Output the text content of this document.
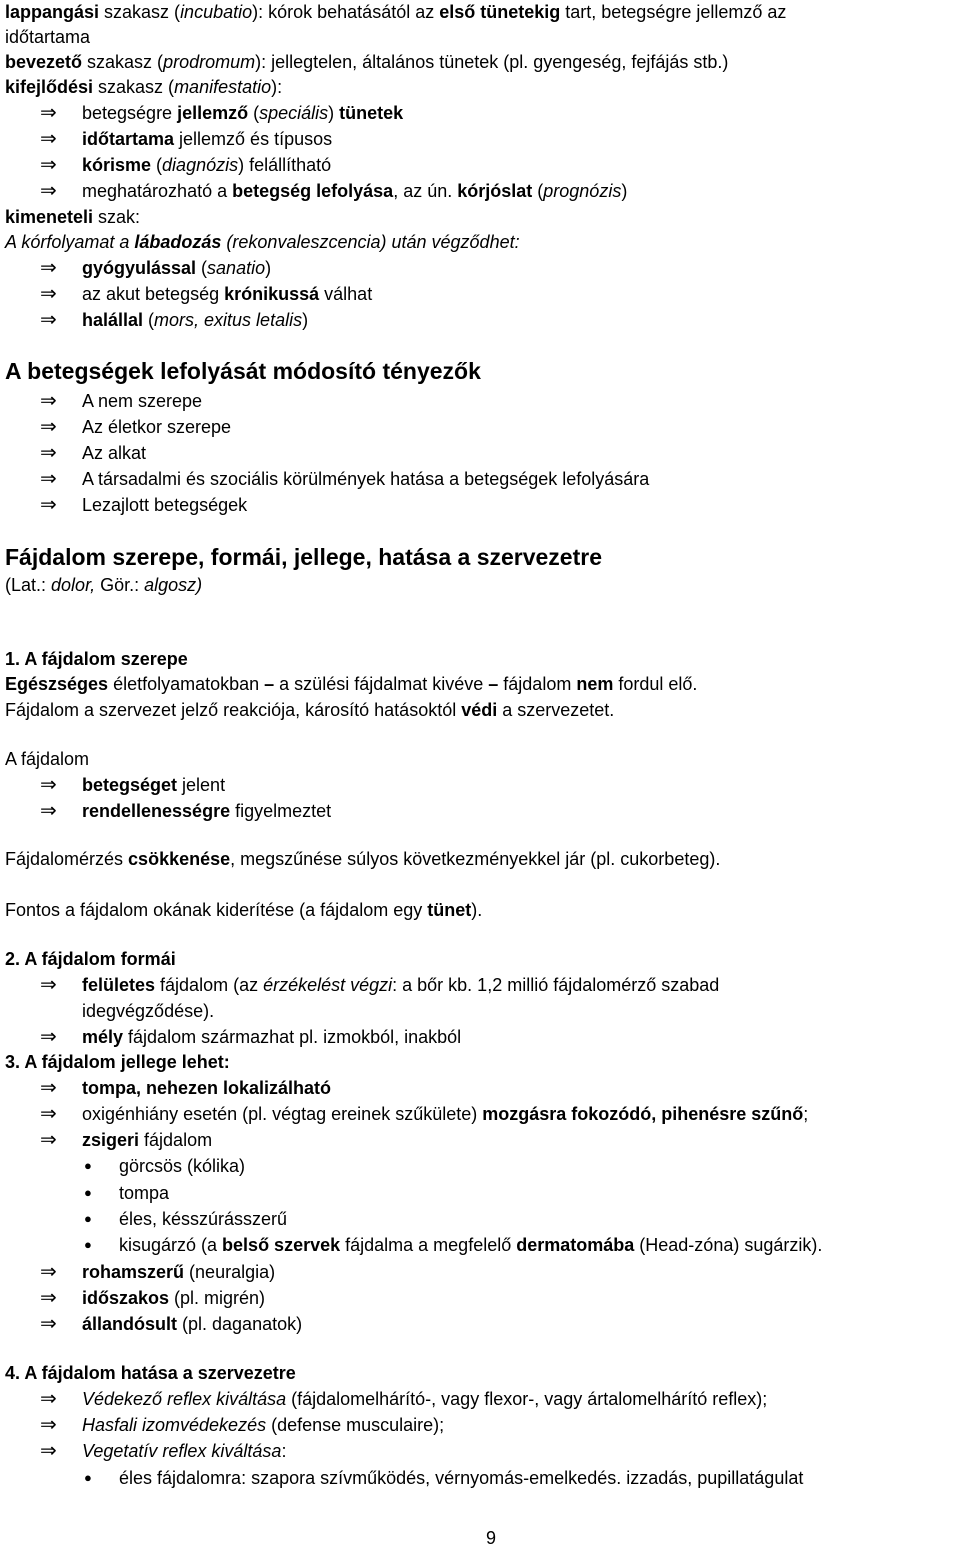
lappangási szakasz (incubatio): kórok behatásától az első tünetekig tart, betegségre jellemző az
időtartama
bevezető szakasz (prodromum): jellegtelen, általános tünetek (pl. gyengeség, fejfájás stb.)
kifejlődési szakasz (manifestatio):
⇒ betegségre jellemző (speciális) tünetek
⇒ időtartama jellemző és típusos
⇒ kórisme (diagnózis) felállítható
⇒ meghatározható a betegség lefolyása, az ún. kórjóslat (prognózis)
kimeneteli szak:
A kórfolyamat a lábadozás (rekonvaleszcencia) után végződhet:
⇒ gyógyulással (sanatio)
⇒ az akut betegség krónikussá válhat
⇒ halállal (mors, exitus letalis)
A betegségek lefolyását módosító tényezők
⇒ A nem szerepe
⇒ Az életkor szerepe
⇒ Az alkat
⇒ A társadalmi és szociális körülmények hatása a betegségek lefolyására
⇒ Lezajlott betegségek
Fájdalom szerepe, formái, jellege, hatása a szervezetre
(Lat.: dolor, Gör.: algosz)
1. A fájdalom szerepe
Egészséges életfolyamatokban – a szülési fájdalmat kivéve – fájdalom nem fordul elő.
Fájdalom a szervezet jelző reakciója, károsító hatásoktól védi a szervezetet.
A fájdalom
⇒ betegséget jelent
⇒ rendellenességre figyelmeztet
Fájdalomérzés csökkenése, megszűnése súlyos következményekkel jár (pl. cukorbeteg).
Fontos a fájdalom okának kiderítése (a fájdalom egy tünet).
2. A fájdalom formái
⇒ felületes fájdalom (az érzékelést végzi: a bőr kb. 1,2 millió fájdalomérző szabad
idegvégződése).
⇒ mély fájdalom származhat pl. izmokból, inakból
3. A fájdalom jellege lehet:
⇒ tompa, nehezen lokalizálható
⇒ oxigénhiány esetén (pl. végtag ereinek szűkülete) mozgásra fokozódó, pihenésre szűnő;
⇒ zsigeri fájdalom
● görcsös (kólika)
● tompa
● éles, késszúrásszerű
● kisugárzó (a belső szervek fájdalma a megfelelő dermatomába (Head-zóna) sugárzik).
⇒ rohamszerű (neuralgia)
⇒ időszakos (pl. migrén)
⇒ állandósult (pl. daganatok)
4. A fájdalom hatása a szervezetre
⇒ Védekező reflex kiváltása (fájdalomelhárító-, vagy flexor-, vagy ártalomelhárító reflex);
⇒ Hasfali izomvédekezés (defense musculaire);
⇒ Vegetatív reflex kiváltása:
● éles fájdalomra: szapora szívműködés, vérnyomás-emelkedés. izzadás, pupillatágulat
9
